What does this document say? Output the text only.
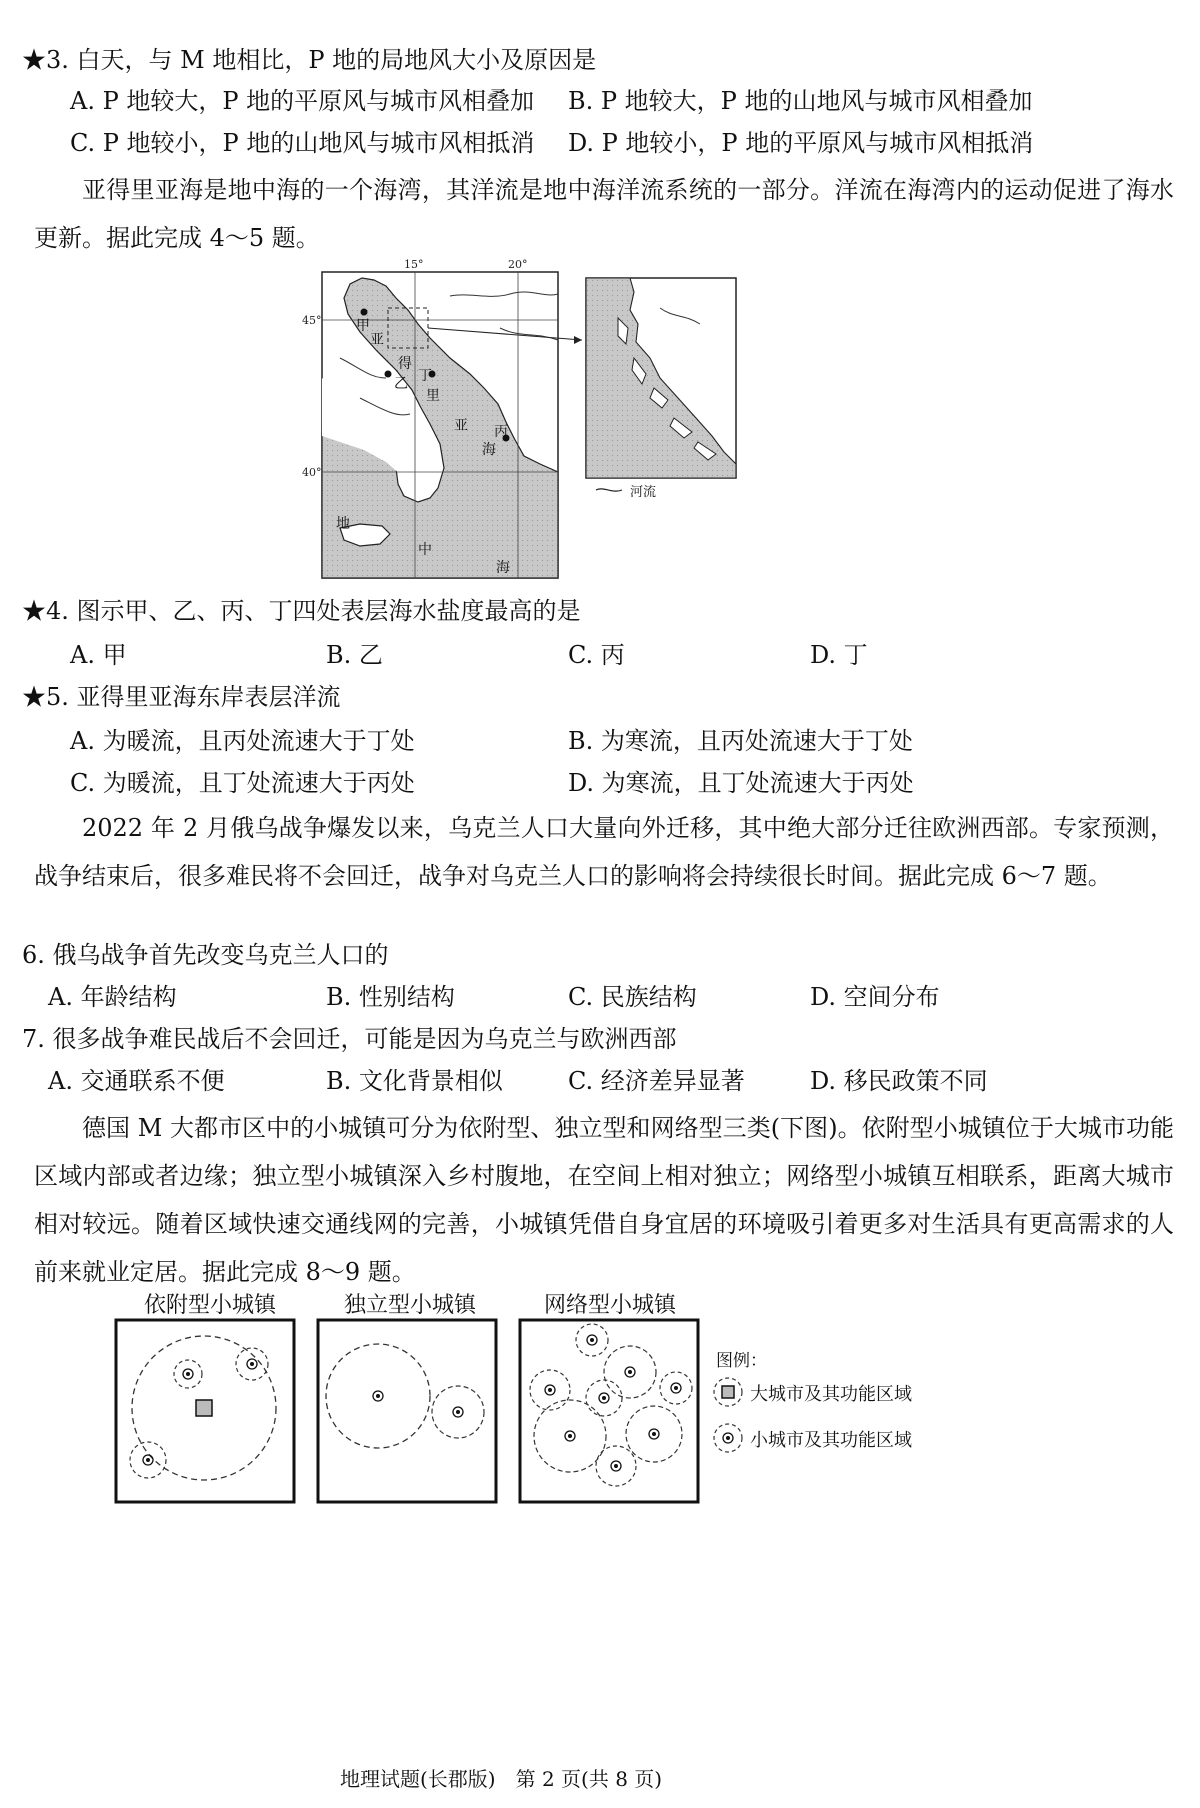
★3. 白天，与 M 地相比，P 地的局地风大小及原因是
A. P 地较大，P 地的平原风与城市风相叠加 B. P 地较大，P 地的山地风与城市风相叠加
C. P 地较小，P 地的山地风与城市风相抵消 D. P 地较小，P 地的平原风与城市风相抵消
亚得里亚海是地中海的一个海湾，其洋流是地中海洋流系统的一部分。洋流在海湾内的运动促进了海水更新。据此完成 4～5 题。
15°	20°
45°
40°
亚
得
里
亚
海
地
中
海
甲
乙
丙
丁
河流
★4. 图示甲、乙、丙、丁四处表层海水盐度最高的是
A. 甲	B. 乙	C. 丙	D. 丁
★5. 亚得里亚海东岸表层洋流
A. 为暖流，且丙处流速大于丁处	B. 为寒流，且丙处流速大于丁处
C. 为暖流，且丁处流速大于丙处	D. 为寒流，且丁处流速大于丙处
2022 年 2 月俄乌战争爆发以来，乌克兰人口大量向外迁移，其中绝大部分迁往欧洲西部。专家预测，战争结束后，很多难民将不会回迁，战争对乌克兰人口的影响将会持续很长时间。据此完成 6～7 题。
6. 俄乌战争首先改变乌克兰人口的
A. 年龄结构	B. 性别结构	C. 民族结构	D. 空间分布
7. 很多战争难民战后不会回迁，可能是因为乌克兰与欧洲西部
A. 交通联系不便	B. 文化背景相似	C. 经济差异显著	D. 移民政策不同
德国 M 大都市区中的小城镇可分为依附型、独立型和网络型三类(下图)。依附型小城镇位于大城市功能区域内部或者边缘；独立型小城镇深入乡村腹地，在空间上相对独立；网络型小城镇互相联系，距离大城市相对较远。随着区域快速交通线网的完善，小城镇凭借自身宜居的环境吸引着更多对生活具有更高需求的人前来就业定居。据此完成 8～9 题。
依附型小城镇	独立型小城镇	网络型小城镇
图例：
大城市及其功能区域
小城市及其功能区域
地理试题(长郡版)　第 2 页(共 8 页)
